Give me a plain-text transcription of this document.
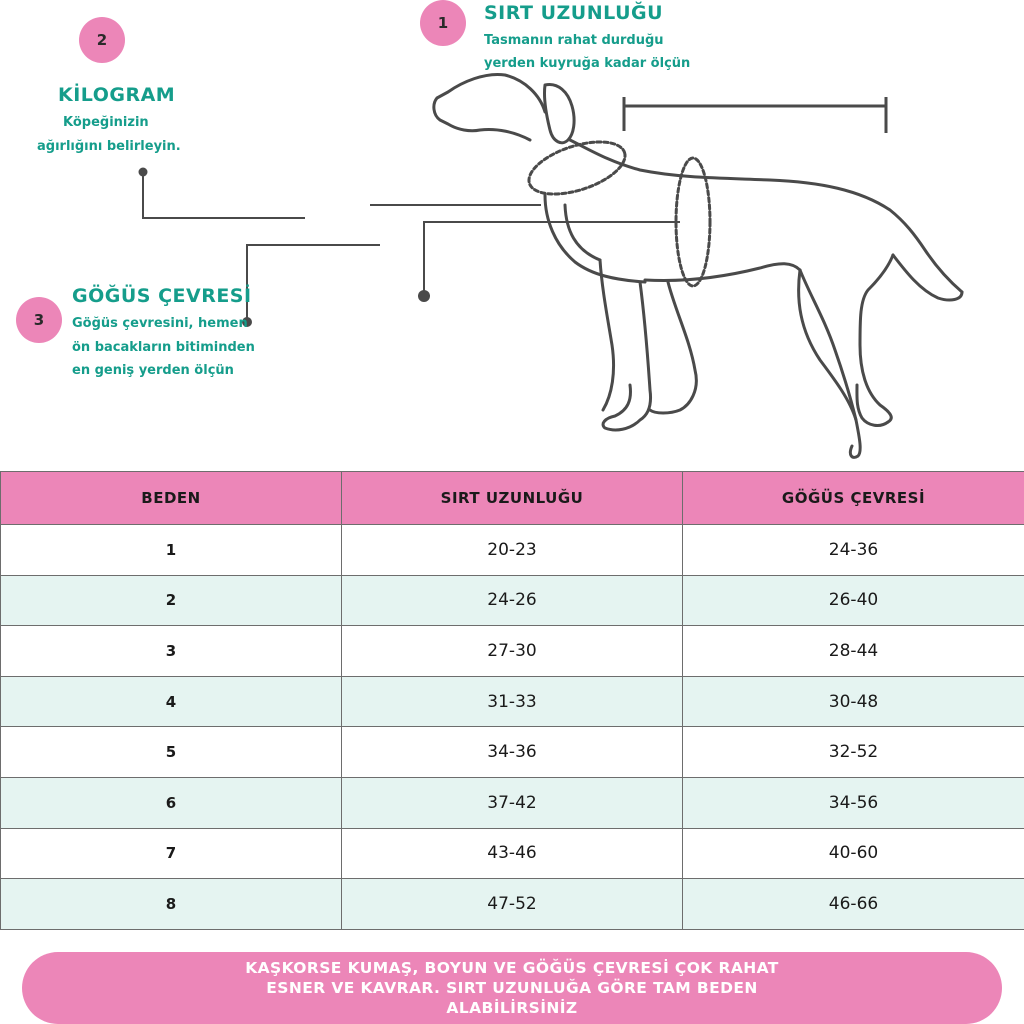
1	SIRT UZUNLUĞU
Tasmanın rahat durduğu
yerden kuyruğa kadar ölçün
2
KİLOGRAM
Köpeğinizin
ağırlığını belirleyin.
3
GÖĞÜS ÇEVRESİ
Göğüs çevresini, hemen
ön bacakların bitiminden
en geniş yerden ölçün
BEDEN	SIRT UZUNLUĞU	GÖĞÜS ÇEVRESİ
1	20-23	24-36
2	24-26	26-40
3	27-30	28-44
4	31-33	30-48
5	34-36	32-52
6	37-42	34-56
7	43-46	40-60
8	47-52	46-66
KAŞKORSE KUMAŞ, BOYUN VE GÖĞÜS ÇEVRESİ ÇOK RAHAT ESNER VE KAVRAR. SIRT UZUNLUĞA GÖRE TAM BEDEN ALABİLİRSİNİZ
